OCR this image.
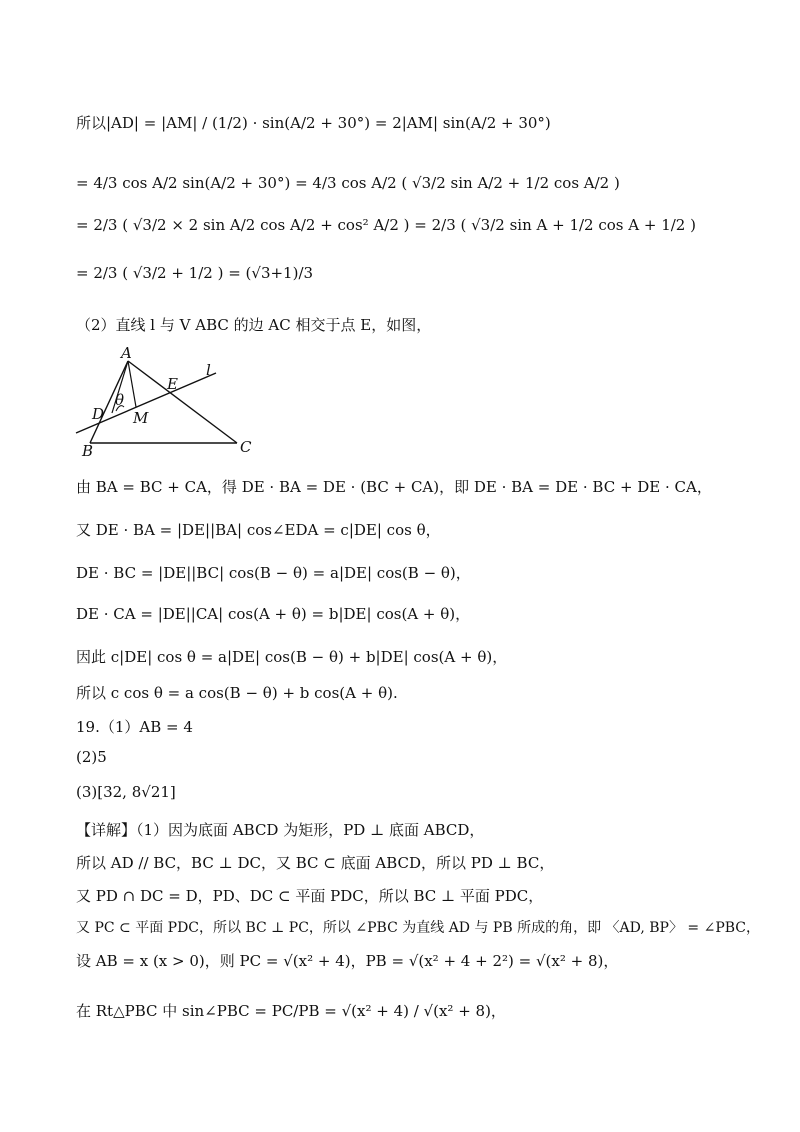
所以|AD| = |AM| / (1/2) · sin(A/2 + 30°) = 2|AM| sin(A/2 + 30°)
= 4/3 cos A/2 sin(A/2 + 30°) = 4/3 cos A/2 ( √3/2 sin A/2 + 1/2 cos A/2 )
= 2/3 ( √3/2 × 2 sin A/2 cos A/2 + cos² A/2 ) = 2/3 ( √3/2 sin A + 1/2 cos A + 1/2 )
= 2/3 ( √3/2 + 1/2 ) = (√3+1)/3
（2）直线 l 与 V ABC 的边 AC 相交于点 E，如图，
A
B	C
D
E
M
l
θ
由 BA = BC + CA，得 DE · BA = DE · (BC + CA)，即 DE · BA = DE · BC + DE · CA，
又 DE · BA = |DE||BA| cos∠EDA = c|DE| cos θ，
DE · BC = |DE||BC| cos(B − θ) = a|DE| cos(B − θ)，
DE · CA = |DE||CA| cos(A + θ) = b|DE| cos(A + θ)，
因此 c|DE| cos θ = a|DE| cos(B − θ) + b|DE| cos(A + θ)，
所以 c cos θ = a cos(B − θ) + b cos(A + θ).
19.（1）AB = 4
(2)5
(3)[32, 8√21]
【详解】（1）因为底面 ABCD 为矩形，PD ⊥ 底面 ABCD，
所以 AD // BC，BC ⊥ DC，又 BC ⊂ 底面 ABCD，所以 PD ⊥ BC，
又 PD ∩ DC = D，PD、DC ⊂ 平面 PDC，所以 BC ⊥ 平面 PDC，
又 PC ⊂ 平面 PDC，所以 BC ⊥ PC，所以 ∠PBC 为直线 AD 与 PB 所成的角，即 〈AD, BP〉 = ∠PBC，
设 AB = x (x > 0)，则 PC = √(x² + 4)，PB = √(x² + 4 + 2²) = √(x² + 8)，
在 Rt△PBC 中 sin∠PBC = PC/PB = √(x² + 4) / √(x² + 8)，
